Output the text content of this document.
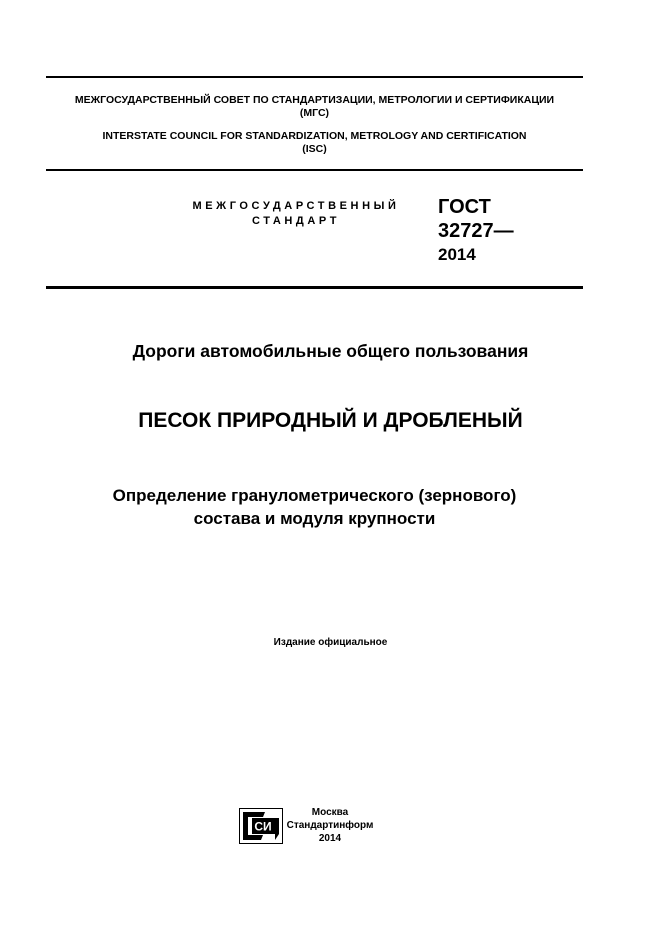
МЕЖГОСУДАРСТВЕННЫЙ СОВЕТ ПО СТАНДАРТИЗАЦИИ, МЕТРОЛОГИИ И СЕРТИФИКАЦИИ
(МГС)
INTERSTATE COUNCIL FOR STANDARDIZATION, METROLOGY AND CERTIFICATION
(ISC)
МЕЖГОСУДАРСТВЕННЫЙ
СТАНДАРТ
ГОСТ
32727—
2014
Дороги автомобильные общего пользования
ПЕСОК ПРИРОДНЫЙ И ДРОБЛЕНЫЙ
Определение гранулометрического (зернового)
состава и модуля крупности
Издание официальное
СИ
Москва
Стандартинформ
2014
